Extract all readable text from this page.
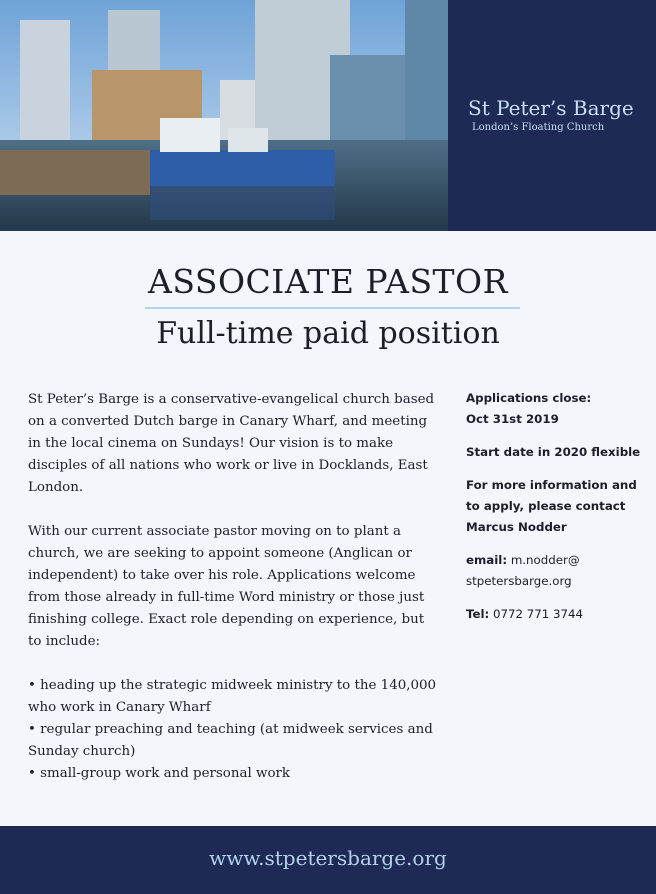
St Peter’s Barge
London’s Floating Church
ASSOCIATE PASTOR
Full-time paid position

St Peter’s Barge is a conservative-evangelical church based on a converted Dutch barge in Canary Wharf, and meeting in the local cinema on Sundays! Our vision is to make disciples of all nations who work or live in Docklands, East London.

With our current associate pastor moving on to plant a church, we are seeking to appoint someone (Anglican or independent) to take over his role. Applications welcome from those already in full-time Word ministry or those just finishing college. Exact role depending on experience, but to include:

• heading up the strategic midweek ministry to the 140,000 who work in Canary Wharf
• regular preaching and teaching (at midweek services and Sunday church)
• small-group work and personal work
Applications close:
Oct 31st 2019
Start date in 2020 flexible
For more information and to apply, please contact Marcus Nodder
email: m.nodder@ stpetersbarge.org
Tel: 0772 771 3744
www.stpetersbarge.org
